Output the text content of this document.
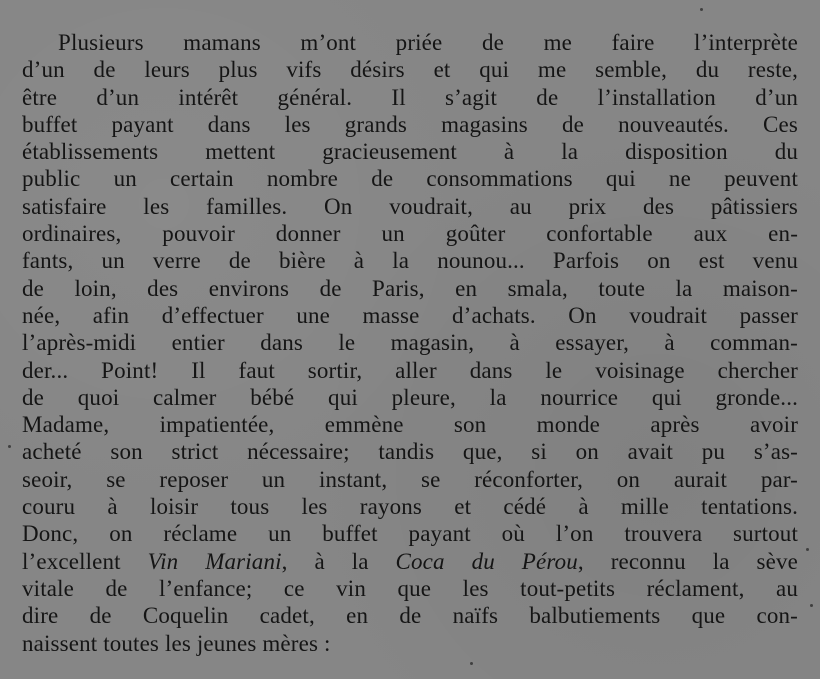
Plusieurs mamans m’ont priée de me faire l’interprète
d’un de leurs plus vifs désirs et qui me semble, du reste,
être d’un intérêt général. Il s’agit de l’installation d’un
buffet payant dans les grands magasins de nouveautés. Ces
établissements mettent gracieusement à la disposition du
public un certain nombre de consommations qui ne peuvent
satisfaire les familles. On voudrait, au prix des pâtissiers
ordinaires, pouvoir donner un goûter confortable aux en-
fants, un verre de bière à la nounou... Parfois on est venu
de loin, des environs de Paris, en smala, toute la maison-
née, afin d’effectuer une masse d’achats. On voudrait passer
l’après-midi entier dans le magasin, à essayer, à comman-
der... Point! Il faut sortir, aller dans le voisinage chercher
de quoi calmer bébé qui pleure, la nourrice qui gronde...
Madame, impatientée, emmène son monde après avoir
acheté son strict nécessaire; tandis que, si on avait pu s’as-
seoir, se reposer un instant, se réconforter, on aurait par-
couru à loisir tous les rayons et cédé à mille tentations.
Donc, on réclame un buffet payant où l’on trouvera surtout
l’excellent Vin Mariani, à la Coca du Pérou, reconnu la sève
vitale de l’enfance; ce vin que les tout-petits réclament, au
dire de Coquelin cadet, en de naïfs balbutiements que con-
naissent toutes les jeunes mères :
